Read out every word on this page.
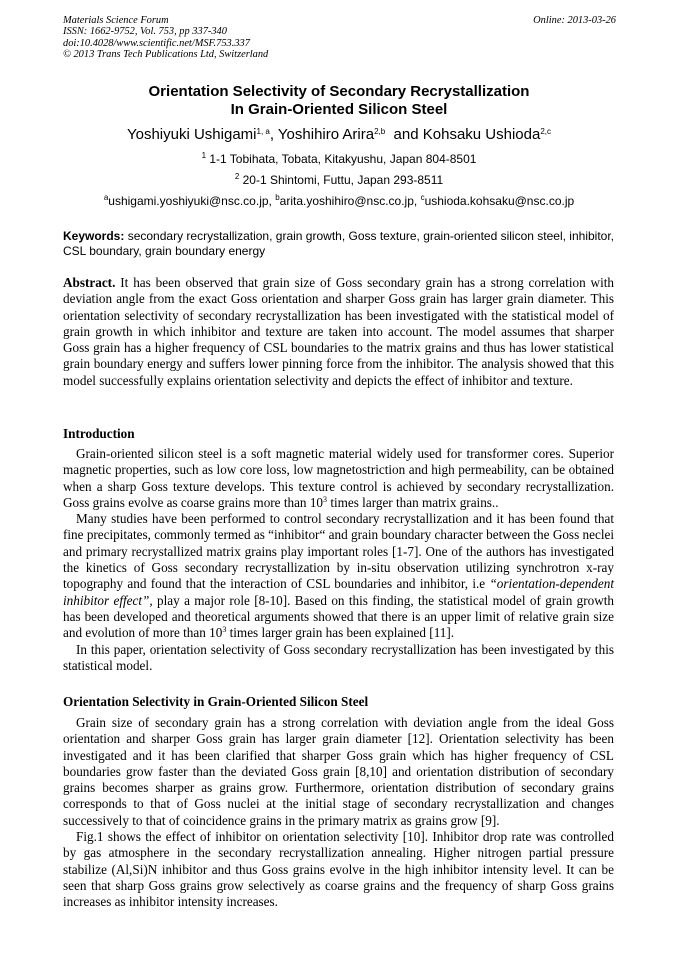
Materials Science Forum
ISSN: 1662-9752, Vol. 753, pp 337-340
doi:10.4028/www.scientific.net/MSF.753.337
© 2013 Trans Tech Publications Ltd, Switzerland
Online: 2013-03-26
Orientation Selectivity of Secondary Recrystallization
In Grain-Oriented Silicon Steel
Yoshiyuki Ushigami$^{1, a}$, Yoshihiro Arira$^{2,b}$  and Kohsaku Ushioda$^{2,c}$
$^1$ 1-1 Tobihata, Tobata, Kitakyushu, Japan 804-8501
$^2$ 20-1 Shintomi, Futtu, Japan 293-8511
$^a$ushigami.yoshiyuki@nsc.co.jp, $^b$arita.yoshihiro@nsc.co.jp, $^c$ushioda.kohsaku@nsc.co.jp
Keywords: secondary recrystallization, grain growth, Goss texture, grain-oriented silicon steel, inhibitor, CSL boundary, grain boundary energy
Abstract. It has been observed that grain size of Goss secondary grain has a strong correlation with deviation angle from the exact Goss orientation and sharper Goss grain has larger grain diameter. This orientation selectivity of secondary recrystallization has been investigated with the statistical model of grain growth in which inhibitor and texture are taken into account. The model assumes that sharper Goss grain has a higher frequency of CSL boundaries to the matrix grains and thus has lower statistical grain boundary energy and suffers lower pinning force from the inhibitor. The analysis showed that this model successfully explains orientation selectivity and depicts the effect of inhibitor and texture.
Introduction

Grain-oriented silicon steel is a soft magnetic material widely used for transformer cores. Superior magnetic properties, such as low core loss, low magnetostriction and high permeability, can be obtained when a sharp Goss texture develops. This texture control is achieved by secondary recrystallization. Goss grains evolve as coarse grains more than $10^3$ times larger than matrix grains..

Many studies have been performed to control secondary recrystallization and it has been found that fine precipitates, commonly termed as “inhibitor“ and grain boundary character between the Goss neclei and primary recrystallized matrix grains play important roles [1-7]. One of the authors has investigated the kinetics of Goss secondary recrystallization by in-situ observation utilizing synchrotron x-ray topography and found that the interaction of CSL boundaries and inhibitor, i.e “orientation-dependent inhibitor effect”, play a major role [8-10]. Based on this finding, the statistical model of grain growth has been developed and theoretical arguments showed that there is an upper limit of relative grain size and evolution of more than $10^3$ times larger grain has been explained [11].

In this paper, orientation selectivity of Goss secondary recrystallization has been investigated by this statistical model.

Orientation Selectivity in Grain-Oriented Silicon Steel

Grain size of secondary grain has a strong correlation with deviation angle from the ideal Goss orientation and sharper Goss grain has larger grain diameter [12]. Orientation selectivity has been investigated and it has been clarified that sharper Goss grain which has higher frequency of CSL boundaries grow faster than the deviated Goss grain [8,10] and orientation distribution of secondary grains becomes sharper as grains grow. Furthermore, orientation distribution of secondary grains corresponds to that of Goss nuclei at the initial stage of secondary recrystallization and changes successively to that of coincidence grains in the primary matrix as grains grow [9].

Fig.1 shows the effect of inhibitor on orientation selectivity [10]. Inhibitor drop rate was controlled by gas atmosphere in the secondary recrystallization annealing. Higher nitrogen partial pressure stabilize (Al,Si)N inhibitor and thus Goss grains evolve in the high inhibitor intensity level. It can be seen that sharp Goss grains grow selectively as coarse grains and the frequency of sharp Goss grains increases as inhibitor intensity increases.
